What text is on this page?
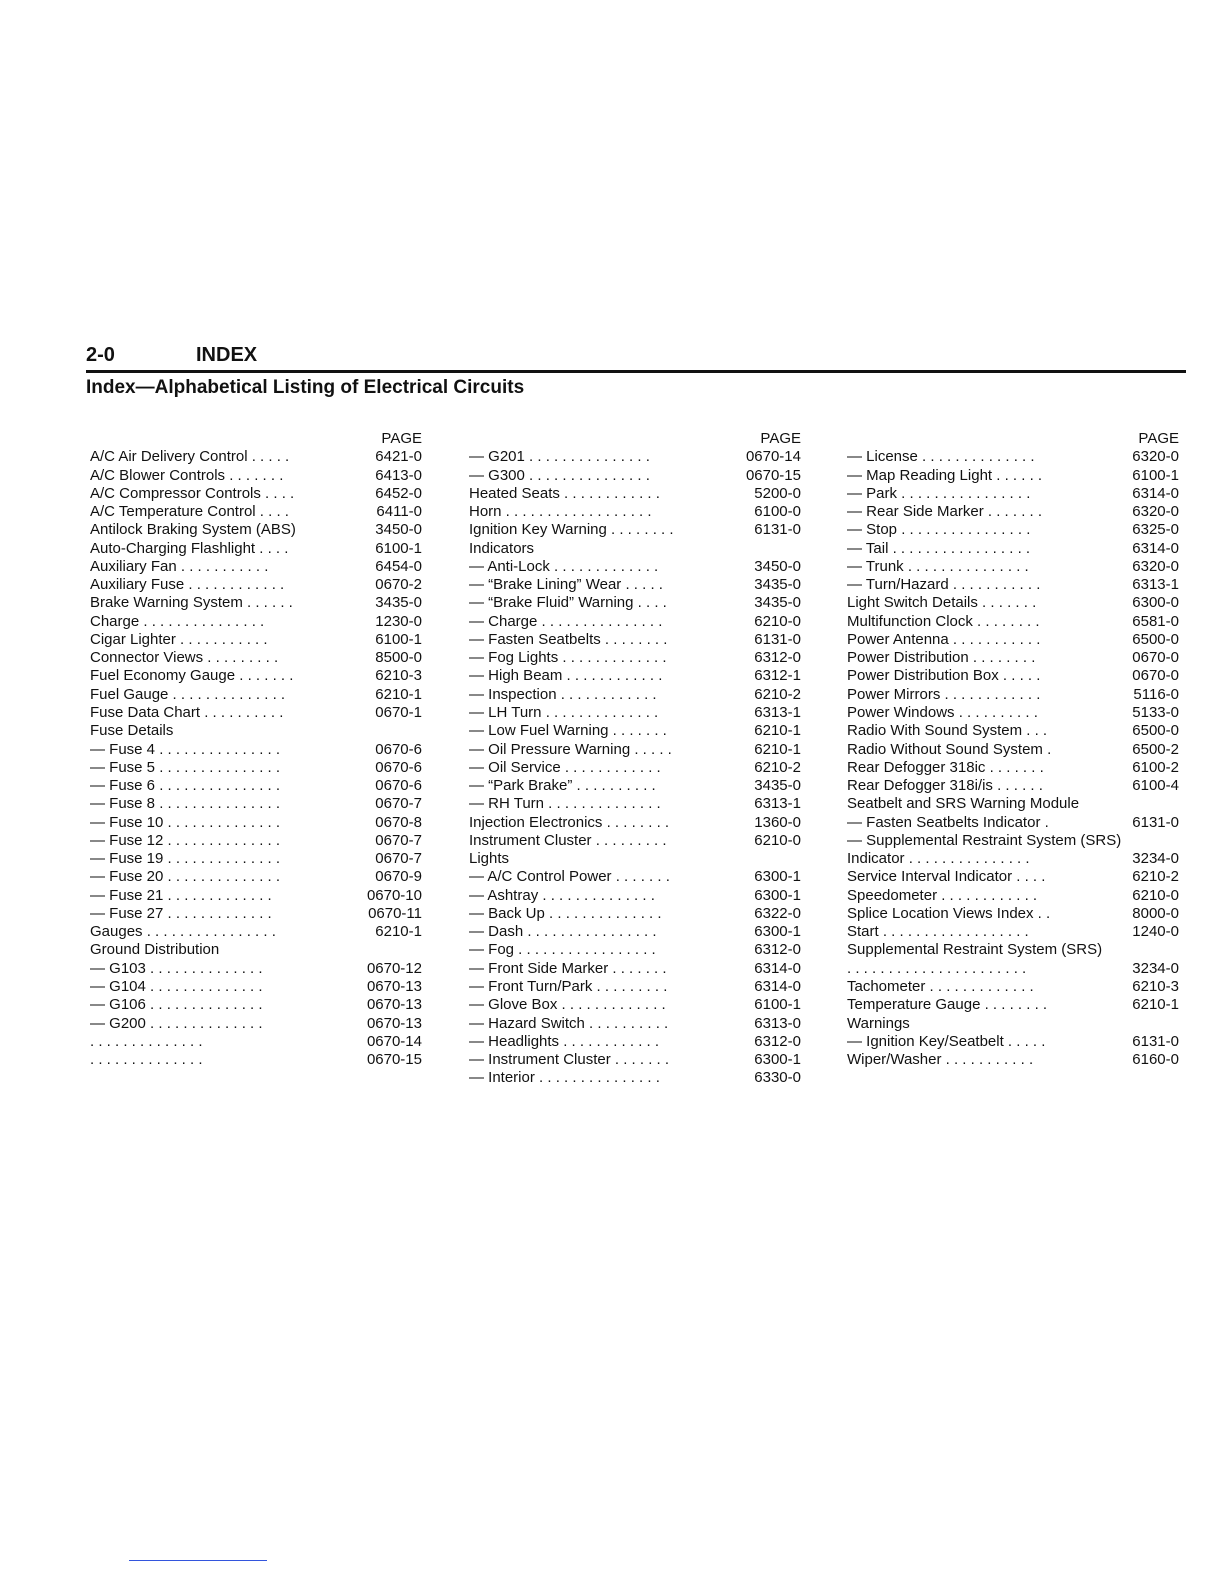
2-0	INDEX
Index—Alphabetical Listing of Electrical Circuits
PAGE
A/C Air Delivery Control . . . . .	6421-0
A/C Blower Controls . . . . . . .	6413-0
A/C Compressor Controls . . . .	6452-0
A/C Temperature Control . . . .	6411-0
Antilock Braking System (ABS)	3450-0
Auto-Charging Flashlight . . . .	6100-1
Auxiliary Fan . . . . . . . . . . .	6454-0
Auxiliary Fuse . . . . . . . . . . . .	0670-2
Brake Warning System . . . . . .	3435-0
Charge . . . . . . . . . . . . . . .	1230-0
Cigar Lighter . . . . . . . . . . .	6100-1
Connector Views . . . . . . . . .	8500-0
Fuel Economy Gauge . . . . . . .	6210-3
Fuel Gauge . . . . . . . . . . . . . .	6210-1
Fuse Data Chart . . . . . . . . . .	0670-1
Fuse Details
— Fuse 4 . . . . . . . . . . . . . . .	0670-6
— Fuse 5 . . . . . . . . . . . . . . .	0670-6
— Fuse 6 . . . . . . . . . . . . . . .	0670-6
— Fuse 8 . . . . . . . . . . . . . . .	0670-7
— Fuse 10 . . . . . . . . . . . . . .	0670-8
— Fuse 12 . . . . . . . . . . . . . .	0670-7
— Fuse 19 . . . . . . . . . . . . . .	0670-7
— Fuse 20 . . . . . . . . . . . . . .	0670-9
— Fuse 21 . . . . . . . . . . . . .	0670-10
— Fuse 27 . . . . . . . . . . . . .	0670-11
Gauges . . . . . . . . . . . . . . . .	6210-1
Ground Distribution
— G103 . . . . . . . . . . . . . .	0670-12
— G104 . . . . . . . . . . . . . .	0670-13
— G106 . . . . . . . . . . . . . .	0670-13
— G200 . . . . . . . . . . . . . .	0670-13
. . . . . . . . . . . . . .	0670-14
. . . . . . . . . . . . . .	0670-15
PAGE
— G201 . . . . . . . . . . . . . . .	0670-14
— G300 . . . . . . . . . . . . . . .	0670-15
Heated Seats . . . . . . . . . . . .	5200-0
Horn . . . . . . . . . . . . . . . . . .	6100-0
Ignition Key Warning . . . . . . . .	6131-0
Indicators
— Anti-Lock . . . . . . . . . . . . .	3450-0
— “Brake Lining” Wear . . . . .	3435-0
— “Brake Fluid” Warning . . . .	3435-0
— Charge . . . . . . . . . . . . . . .	6210-0
— Fasten Seatbelts . . . . . . . .	6131-0
— Fog Lights . . . . . . . . . . . . .	6312-0
— High Beam . . . . . . . . . . . .	6312-1
— Inspection . . . . . . . . . . . .	6210-2
— LH Turn . . . . . . . . . . . . . .	6313-1
— Low Fuel Warning . . . . . . .	6210-1
— Oil Pressure Warning . . . . .	6210-1
— Oil Service . . . . . . . . . . . .	6210-2
— “Park Brake” . . . . . . . . . .	3435-0
— RH Turn . . . . . . . . . . . . . .	6313-1
Injection Electronics . . . . . . . .	1360-0
Instrument Cluster . . . . . . . . .	6210-0
Lights
— A/C Control Power . . . . . . .	6300-1
— Ashtray . . . . . . . . . . . . . .	6300-1
— Back Up . . . . . . . . . . . . . .	6322-0
— Dash . . . . . . . . . . . . . . . .	6300-1
— Fog . . . . . . . . . . . . . . . . .	6312-0
— Front Side Marker . . . . . . .	6314-0
— Front Turn/Park . . . . . . . . .	6314-0
— Glove Box . . . . . . . . . . . . .	6100-1
— Hazard Switch . . . . . . . . . .	6313-0
— Headlights . . . . . . . . . . . .	6312-0
— Instrument Cluster . . . . . . .	6300-1
— Interior . . . . . . . . . . . . . . .	6330-0
PAGE
— License . . . . . . . . . . . . . .	6320-0
— Map Reading Light . . . . . .	6100-1
— Park . . . . . . . . . . . . . . . .	6314-0
— Rear Side Marker . . . . . . .	6320-0
— Stop . . . . . . . . . . . . . . . .	6325-0
— Tail . . . . . . . . . . . . . . . . .	6314-0
— Trunk . . . . . . . . . . . . . . .	6320-0
— Turn/Hazard . . . . . . . . . . .	6313-1
Light Switch Details . . . . . . .	6300-0
Multifunction Clock . . . . . . . .	6581-0
Power Antenna . . . . . . . . . . .	6500-0
Power Distribution . . . . . . . .	0670-0
Power Distribution Box . . . . .	0670-0
Power Mirrors . . . . . . . . . . . .	5116-0
Power Windows . . . . . . . . . .	5133-0
Radio With Sound System . . .	6500-0
Radio Without Sound System .	6500-2
Rear Defogger 318ic . . . . . . .	6100-2
Rear Defogger 318i/is . . . . . .	6100-4
Seatbelt and SRS Warning Module
— Fasten Seatbelts Indicator .	6131-0
— Supplemental Restraint System (SRS)
Indicator . . . . . . . . . . . . . . .	3234-0
Service Interval Indicator . . . .	6210-2
Speedometer . . . . . . . . . . . .	6210-0
Splice Location Views Index . .	8000-0
Start . . . . . . . . . . . . . . . . . .	1240-0
Supplemental Restraint System (SRS)
. . . . . . . . . . . . . . . . . . . . . .	3234-0
Tachometer . . . . . . . . . . . . .	6210-3
Temperature Gauge . . . . . . . .	6210-1
Warnings
— Ignition Key/Seatbelt . . . . .	6131-0
Wiper/Washer . . . . . . . . . . .	6160-0
